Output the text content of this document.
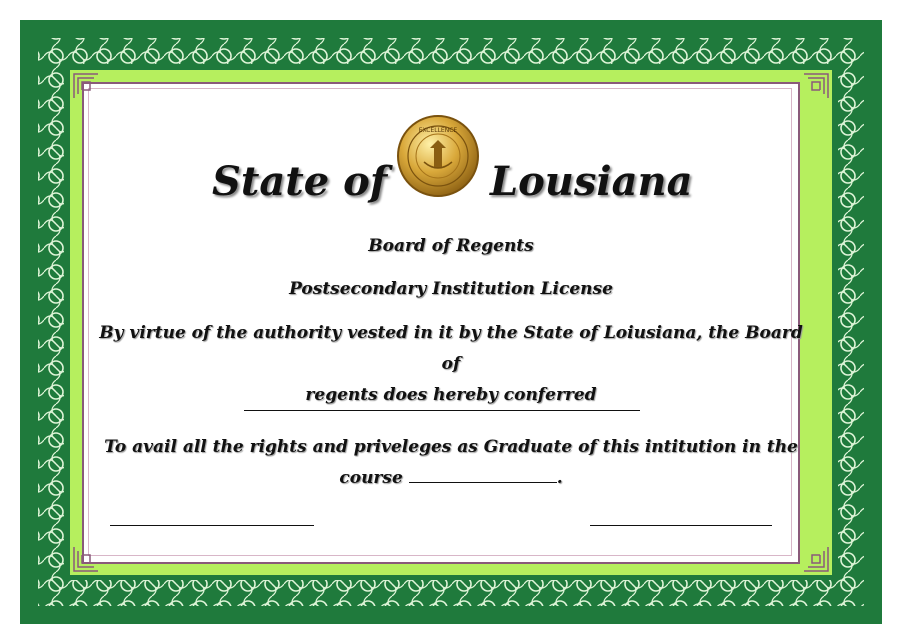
State of	Lousiana
EXCELLENCE
Board of Regents
Postsecondary Institution License
By virtue of the authority vested in it by the State of Loiusiana, the Board of
regents does hereby conferred
To avail all the rights and priveleges as Graduate of this intitution in the
course	.
